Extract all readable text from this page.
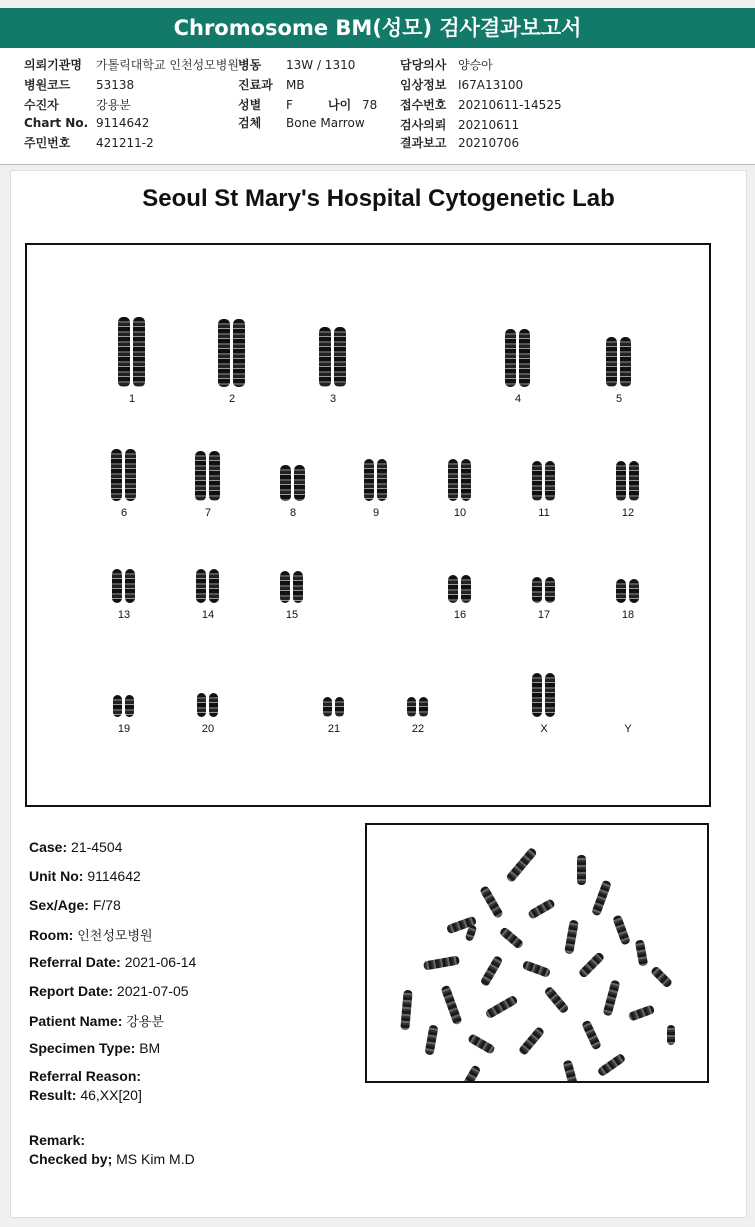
Chromosome BM(성모) 검사결과보고서
의뢰기관명 가톨릭대학교 인천성모병원
병원코드 53138
수진자	강용분
Chart No. 9114642
주민번호 421211-2
병동 13W / 1310
진료과 MB
성별 F	나이 78
검체 Bone Marrow
담당의사 양승아
임상정보 I67A13100
접수번호 20210611-14525
검사의뢰 20210611
결과보고 20210706
Seoul St Mary's Hospital Cytogenetic Lab
1	2	3	4	5
6	7	8	9	10	11	12
13	14	15	16	17	18
19	20	21	22	X	Y
Case: 21-4504
Unit No: 9114642
Sex/Age: F/78
Room: 인천성모병원
Referral Date: 2021-06-14
Report Date: 2021-07-05
Patient Name: 강용분
Specimen Type: BM
Referral Reason:
Result: 46,XX[20]
Remark:
Checked by; MS Kim M.D
